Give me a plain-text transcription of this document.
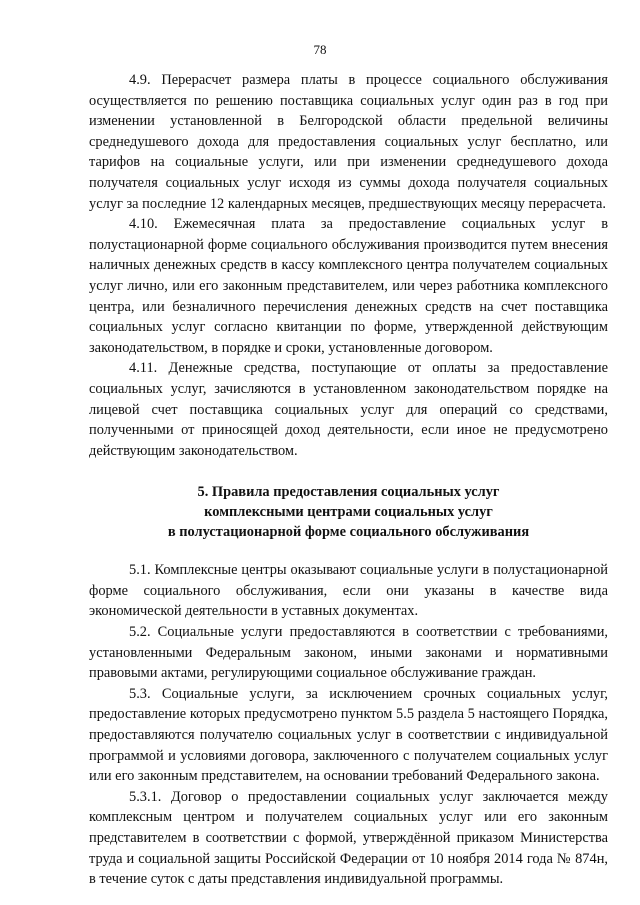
78

4.9. Перерасчет размера платы в процессе социального обслуживания осуществляется по решению поставщика социальных услуг один раз в год при изменении установленной в Белгородской области предельной величины среднедушевого дохода для предоставления социальных услуг бесплатно, или тарифов на социальные услуги, или при изменении среднедушевого дохода получателя социальных услуг исходя из суммы дохода получателя социальных услуг за последние 12 календарных месяцев, предшествующих месяцу перерасчета.

4.10. Ежемесячная плата за предоставление социальных услуг в полустационарной форме социального обслуживания производится путем внесения наличных денежных средств в кассу комплексного центра получателем социальных услуг лично, или его законным представителем, или через работника комплексного центра, или безналичного перечисления денежных средств на счет поставщика социальных услуг согласно квитанции по форме, утвержденной действующим законодательством, в порядке и сроки, установленные договором.

4.11. Денежные средства, поступающие от оплаты за предоставление социальных услуг, зачисляются в установленном законодательством порядке на лицевой счет поставщика социальных услуг для операций со средствами, полученными от приносящей доход деятельности, если иное не предусмотрено действующим законодательством.

5. Правила предоставления социальных услуг
комплексными центрами социальных услуг
в полустационарной форме социального обслуживания

5.1. Комплексные центры оказывают социальные услуги в полустационарной форме социального обслуживания, если они указаны в качестве вида экономической деятельности в уставных документах.

5.2. Социальные услуги предоставляются в соответствии с требованиями, установленными Федеральным законом, иными законами и нормативными правовыми актами, регулирующими социальное обслуживание граждан.

5.3. Социальные услуги, за исключением срочных социальных услуг, предоставление которых предусмотрено пунктом 5.5 раздела 5 настоящего Порядка, предоставляются получателю социальных услуг в соответствии с индивидуальной программой и условиями договора, заключенного с получателем социальных услуг или его законным представителем, на основании требований Федерального закона.

5.3.1. Договор о предоставлении социальных услуг заключается между комплексным центром и получателем социальных услуг или его законным представителем в соответствии с формой, утверждённой приказом Министерства труда и социальной защиты Российской Федерации от 10 ноября 2014 года № 874н, в течение суток с даты представления индивидуальной программы.
